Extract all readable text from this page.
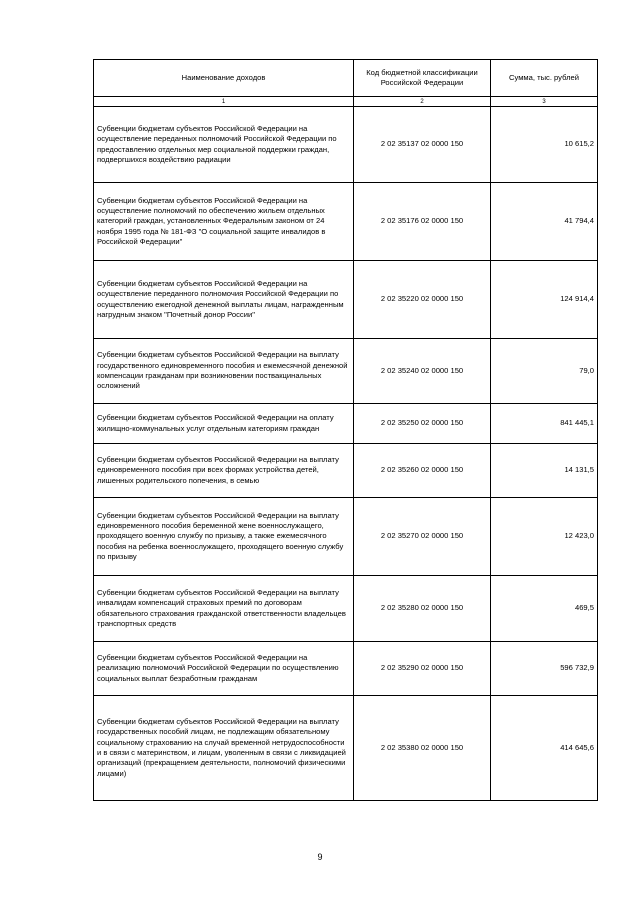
Наименование доходов	Код бюджетной классификации Российской Федерации	Сумма, тыс. рублей
1	2	3
Субвенции бюджетам субъектов Российской Федерации на осуществление переданных полномочий Российской Федерации по предоставлению отдельных мер социальной поддержки граждан, подвергшихся воздействию радиации	2 02 35137 02 0000 150	10 615,2
Субвенции бюджетам субъектов Российской Федерации на осуществление полномочий по обеспечению жильем отдельных категорий граждан, установленных Федеральным законом от 24 ноября 1995 года № 181-ФЗ "О социальной защите инвалидов в Российской Федерации"	2 02 35176 02 0000 150	41 794,4
Субвенции бюджетам субъектов Российской Федерации на осуществление переданного полномочия Российской Федерации по осуществлению ежегодной денежной выплаты лицам, награжденным нагрудным знаком "Почетный донор России"	2 02 35220 02 0000 150	124 914,4
Субвенции бюджетам субъектов Российской Федерации на выплату государственного единовременного пособия и ежемесячной денежной компенсации гражданам при возникновении поствакцинальных осложнений	2 02 35240 02 0000 150	79,0
Субвенции бюджетам субъектов Российской Федерации на оплату жилищно-коммунальных услуг отдельным категориям граждан	2 02 35250 02 0000 150	841 445,1
Субвенции бюджетам субъектов Российской Федерации на выплату единовременного пособия при всех формах устройства детей, лишенных родительского попечения, в семью	2 02 35260 02 0000 150	14 131,5
Субвенции бюджетам субъектов Российской Федерации на выплату единовременного пособия беременной жене военнослужащего, проходящего военную службу по призыву, а также ежемесячного пособия на ребенка военнослужащего, проходящего военную службу по призыву	2 02 35270 02 0000 150	12 423,0
Субвенции бюджетам субъектов Российской Федерации на выплату инвалидам компенсаций страховых премий по договорам обязательного страхования гражданской ответственности владельцев транспортных средств	2 02 35280 02 0000 150	469,5
Субвенции бюджетам субъектов Российской Федерации на реализацию полномочий Российской Федерации по осуществлению социальных выплат безработным гражданам	2 02 35290 02 0000 150	596 732,9
Субвенции бюджетам субъектов Российской Федерации на выплату государственных пособий лицам, не подлежащим обязательному социальному страхованию на случай временной нетрудоспособности и в связи с материнством, и лицам, уволенным в связи с ликвидацией организаций (прекращением деятельности, полномочий физическими лицами)	2 02 35380 02 0000 150	414 645,6
9
